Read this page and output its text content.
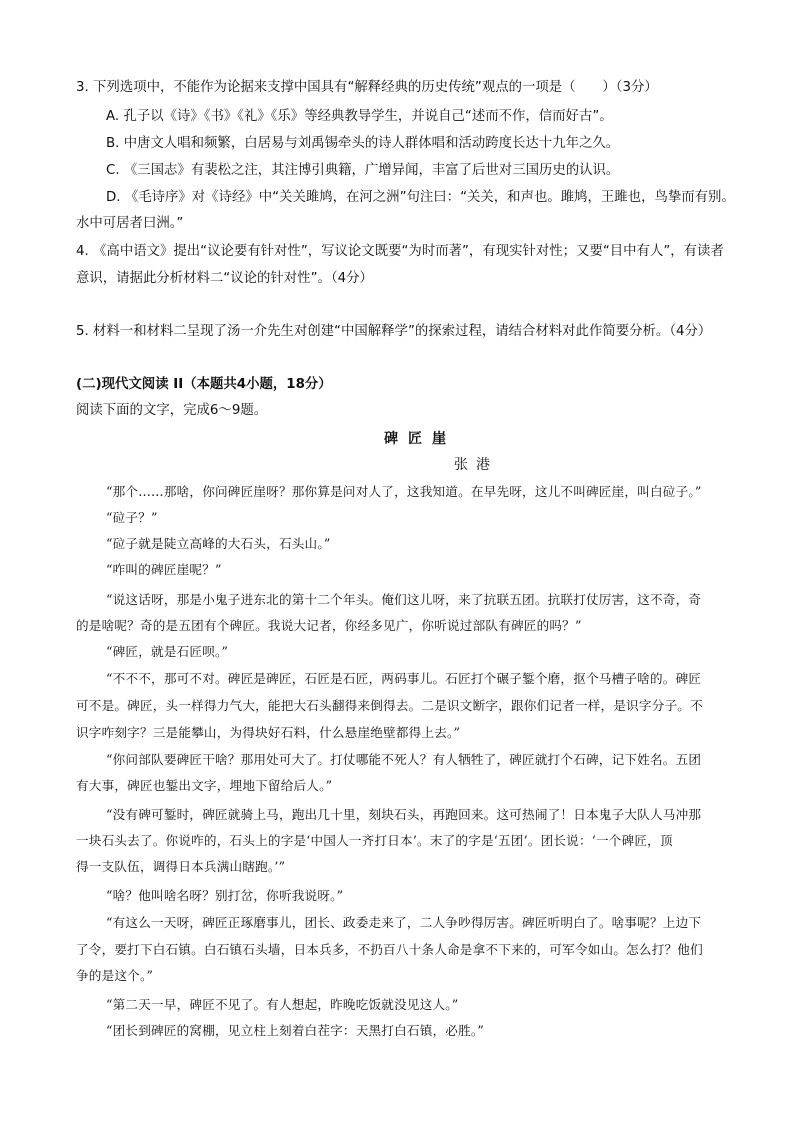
3. 下列选项中，不能作为论据来支撑中国具有“解释经典的历史传统”观点的一项是（　　）（3分）
A. 孔子以《诗》《书》《礼》《乐》等经典教导学生，并说自己“述而不作，信而好古”。
B. 中唐文人唱和频繁，白居易与刘禹锡牵头的诗人群体唱和活动跨度长达十九年之久。
C. 《三国志》有裴松之注，其注博引典籍，广增异闻，丰富了后世对三国历史的认识。
D. 《毛诗序》对《诗经》中“关关雎鸠，在河之洲”句注曰：“关关，和声也。雎鸠，王雎也，鸟挚而有别。
水中可居者曰洲。”
4. 《高中语文》提出“议论要有针对性”，写议论文既要“为时而著”，有现实针对性；又要“目中有人”，有读者
意识，请据此分析材料二“议论的针对性”。（4分）
5. 材料一和材料二呈现了汤一介先生对创建“中国解释学”的探索过程，请结合材料对此作简要分析。（4分）
(二)现代文阅读 II（本题共4小题，18分）
阅读下面的文字，完成6～9题。
碑匠崖
张港
“那个……那啥，你问碑匠崖呀？那你算是问对人了，这我知道。在早先呀，这儿不叫碑匠崖，叫白砬子。”
“砬子？”
“砬子就是陡立高峰的大石头，石头山。”
“咋叫的碑匠崖呢？”
“说这话呀，那是小鬼子进东北的第十二个年头。俺们这儿呀，来了抗联五团。抗联打仗厉害，这不奇，奇
的是啥呢？奇的是五团有个碑匠。我说大记者，你经多见广，你听说过部队有碑匠的吗？”
“碑匠，就是石匠呗。”
“不不不，那可不对。碑匠是碑匠，石匠是石匠，两码事儿。石匠打个碾子錾个磨，抠个马槽子啥的。碑匠
可不是。碑匠，头一样得力气大，能把大石头翻得来倒得去。二是识文断字，跟你们记者一样，是识字分子。不
识字咋刻字？三是能攀山，为得块好石料，什么悬崖绝壁都得上去。”
“你问部队要碑匠干啥？那用处可大了。打仗哪能不死人？有人牺牲了，碑匠就打个石碑，记下姓名。五团
有大事，碑匠也錾出文字，埋地下留给后人。”
“没有碑可錾时，碑匠就骑上马，跑出几十里，刻块石头，再跑回来。这可热闹了！日本鬼子大队人马冲那
一块石头去了。你说咋的，石头上的字是‘中国人一齐打日本’。末了的字是‘五团’。团长说：‘一个碑匠，顶
得一支队伍，调得日本兵满山瞎跑。’”
“啥？他叫啥名呀？别打岔，你听我说呀。”
“有这么一天呀，碑匠正琢磨事儿，团长、政委走来了，二人争吵得厉害。碑匠听明白了。啥事呢？上边下
了令，要打下白石镇。白石镇石头墙，日本兵多，不扔百八十条人命是拿不下来的，可军令如山。怎么打？他们
争的是这个。”
“第二天一早，碑匠不见了。有人想起，昨晚吃饭就没见这人。”
“团长到碑匠的窝棚，见立柱上刻着白茬字：天黑打白石镇，必胜。”
